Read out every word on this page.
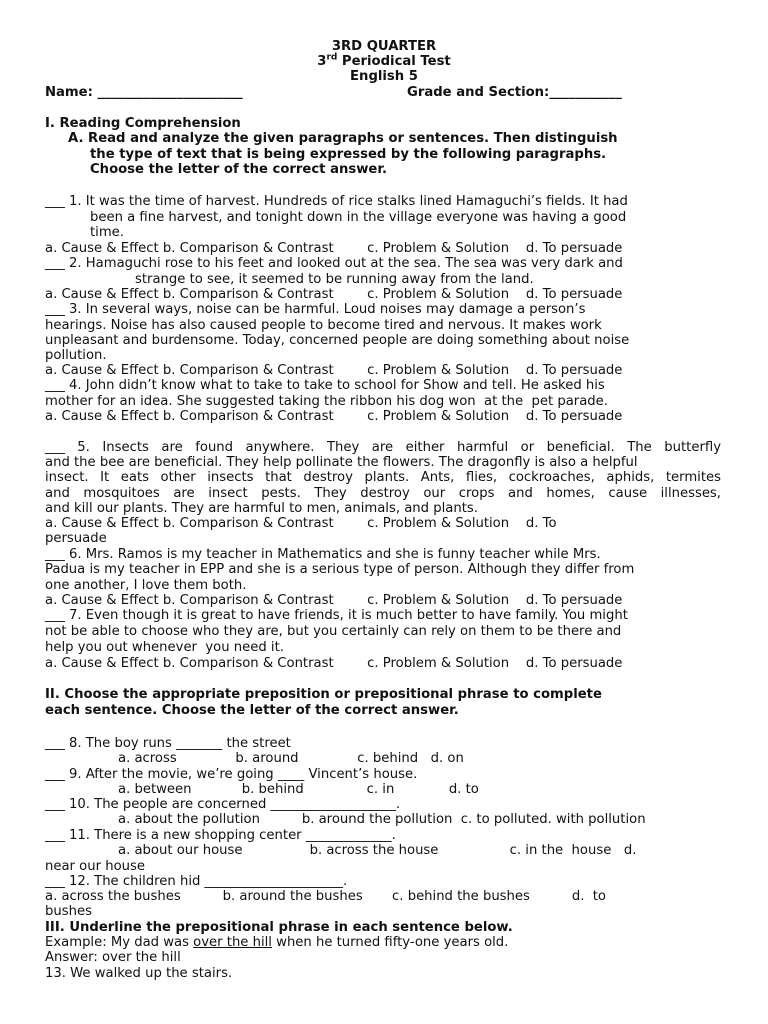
3RD QUARTER
3rd Periodical Test
English 5
Name: ______________________	Grade and Section:___________
I. Reading Comprehension
A. Read and analyze the given paragraphs or sentences. Then distinguish
the type of text that is being expressed by the following paragraphs.
Choose the letter of the correct answer.
___ 1. It was the time of harvest. Hundreds of rice stalks lined Hamaguchi’s fields. It had
been a fine harvest, and tonight down in the village everyone was having a good
time.
a. Cause & Effect b. Comparison & Contrast        c. Problem & Solution    d. To persuade
___ 2. Hamaguchi rose to his feet and looked out at the sea. The sea was very dark and
strange to see, it seemed to be running away from the land.
a. Cause & Effect b. Comparison & Contrast        c. Problem & Solution    d. To persuade
___ 3. In several ways, noise can be harmful. Loud noises may damage a person’s
hearings. Noise has also caused people to become tired and nervous. It makes work
unpleasant and burdensome. Today, concerned people are doing something about noise
pollution.
a. Cause & Effect b. Comparison & Contrast        c. Problem & Solution    d. To persuade
___ 4. John didn’t know what to take to take to school for Show and tell. He asked his
mother for an idea. She suggested taking the ribbon his dog won  at the  pet parade.
a. Cause & Effect b. Comparison & Contrast        c. Problem & Solution    d. To persuade
___ 5. Insects are found anywhere. They are either harmful or beneficial. The butterfly
and the bee are beneficial. They help pollinate the flowers. The dragonfly is also a helpful
insect. It eats other insects that destroy plants. Ants, flies, cockroaches, aphids, termites
and mosquitoes are insect pests. They destroy our crops and homes, cause illnesses,
and kill our plants. They are harmful to men, animals, and plants.
a. Cause & Effect b. Comparison & Contrast        c. Problem & Solution    d. To
persuade
___ 6. Mrs. Ramos is my teacher in Mathematics and she is funny teacher while Mrs.
Padua is my teacher in EPP and she is a serious type of person. Although they differ from
one another, I love them both.
a. Cause & Effect b. Comparison & Contrast        c. Problem & Solution    d. To persuade
___ 7. Even though it is great to have friends, it is much better to have family. You might
not be able to choose who they are, but you certainly can rely on them to be there and
help you out whenever  you need it.
a. Cause & Effect b. Comparison & Contrast        c. Problem & Solution    d. To persuade
II. Choose the appropriate preposition or prepositional phrase to complete
each sentence. Choose the letter of the correct answer.
___ 8. The boy runs _______ the street
a. across              b. around              c. behind   d. on
___ 9. After the movie, we’re going ____ Vincent’s house.
a. between            b. behind               c. in             d. to
___ 10. The people are concerned ___________________.
a. about the pollution          b. around the pollution  c. to polluted. with pollution
___ 11. There is a new shopping center _____________.
a. about our house                b. across the house                 c. in the  house   d.
near our house
___ 12. The children hid _____________________.
a. across the bushes          b. around the bushes       c. behind the bushes          d.  to
bushes
III. Underline the prepositional phrase in each sentence below.
Example: My dad was over the hill when he turned fifty-one years old.
Answer: over the hill
13. We walked up the stairs.
